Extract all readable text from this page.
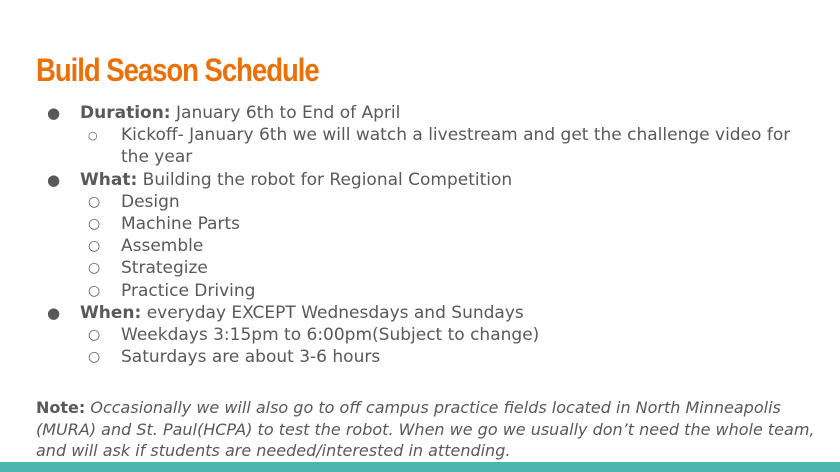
Build Season Schedule
● Duration: January 6th to End of April
○ Kickoff- January 6th we will watch a livestream and get the challenge video for the year
● What: Building the robot for Regional Competition
○ Design
○ Machine Parts
○ Assemble
○ Strategize
○ Practice Driving
● When: everyday EXCEPT Wednesdays and Sundays
○ Weekdays 3:15pm to 6:00pm(Subject to change)
○ Saturdays are about 3-6 hours

Note: Occasionally we will also go to off campus practice fields located in North Minneapolis (MURA) and St. Paul(HCPA) to test the robot. When we go we usually don’t need the whole team, and will ask if students are needed/interested in attending.
